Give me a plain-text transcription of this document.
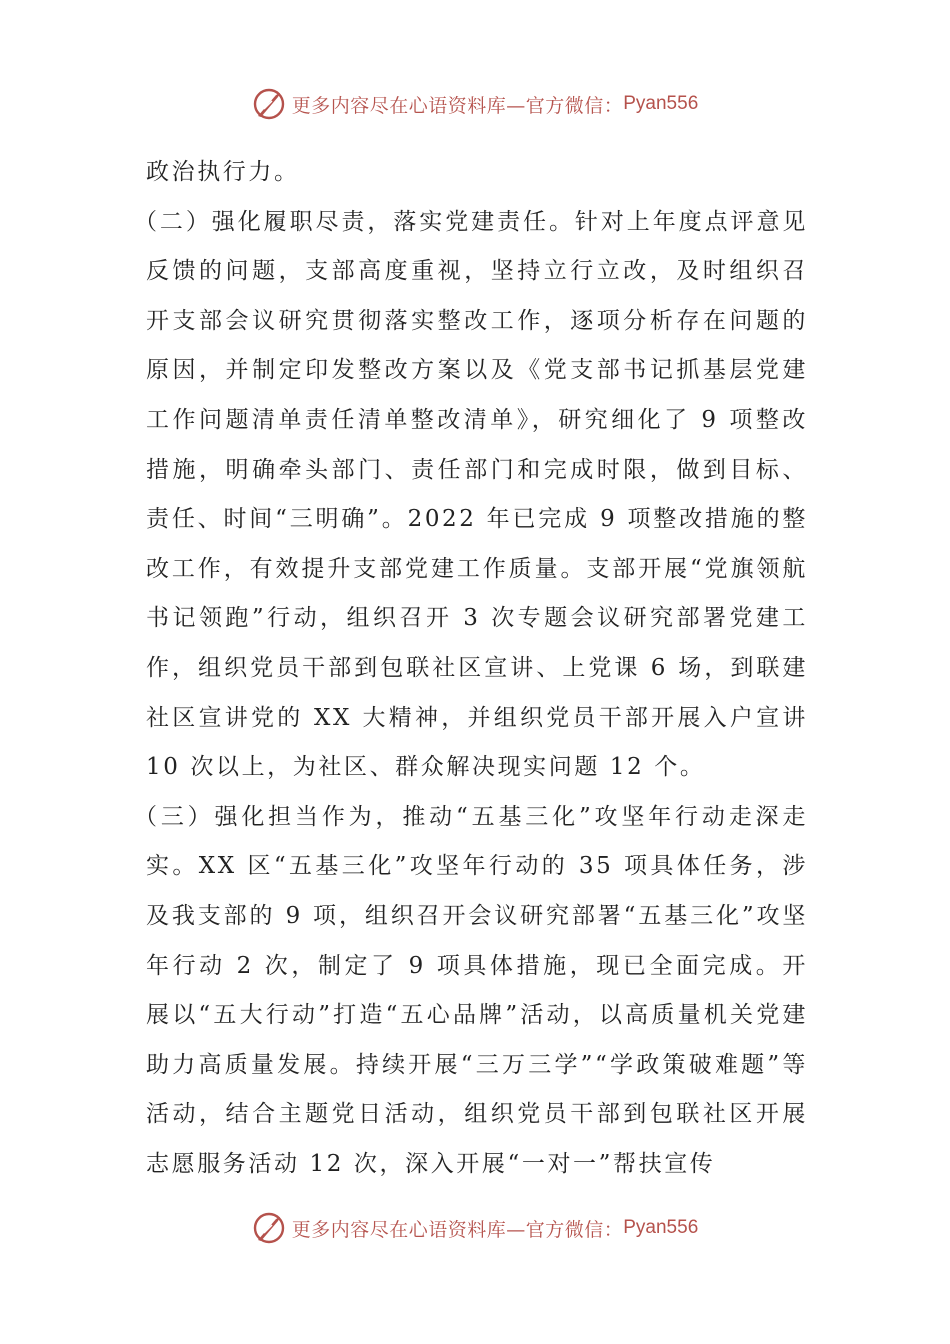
更多内容尽在心语资料库—官方微信： Pyan556

政治执行力。

（二）强化履职尽责，落实党建责任。针对上年度点评意见反馈的问题，支部高度重视，坚持立行立改，及时组织召开支部会议研究贯彻落实整改工作，逐项分析存在问题的原因，并制定印发整改方案以及《党支部书记抓基层党建工作问题清单责任清单整改清单》，研究细化了 9 项整改措施，明确牵头部门、责任部门和完成时限，做到目标、责任、时间“三明确”。2022 年已完成 9 项整改措施的整改工作，有效提升支部党建工作质量。支部开展“党旗领航书记领跑”行动，组织召开 3 次专题会议研究部署党建工作，组织党员干部到包联社区宣讲、上党课 6 场，到联建社区宣讲党的 XX 大精神，并组织党员干部开展入户宣讲 10 次以上，为社区、群众解决现实问题 12 个。

（三）强化担当作为，推动“五基三化”攻坚年行动走深走实。XX 区“五基三化”攻坚年行动的 35 项具体任务，涉及我支部的 9 项，组织召开会议研究部署“五基三化”攻坚年行动 2 次，制定了 9 项具体措施，现已全面完成。开展以“五大行动”打造“五心品牌”活动，以高质量机关党建助力高质量发展。持续开展“三万三学”“学政策破难题”等活动，结合主题党日活动，组织党员干部到包联社区开展志愿服务活动 12 次，深入开展“一对一”帮扶宣传

更多内容尽在心语资料库—官方微信： Pyan556
